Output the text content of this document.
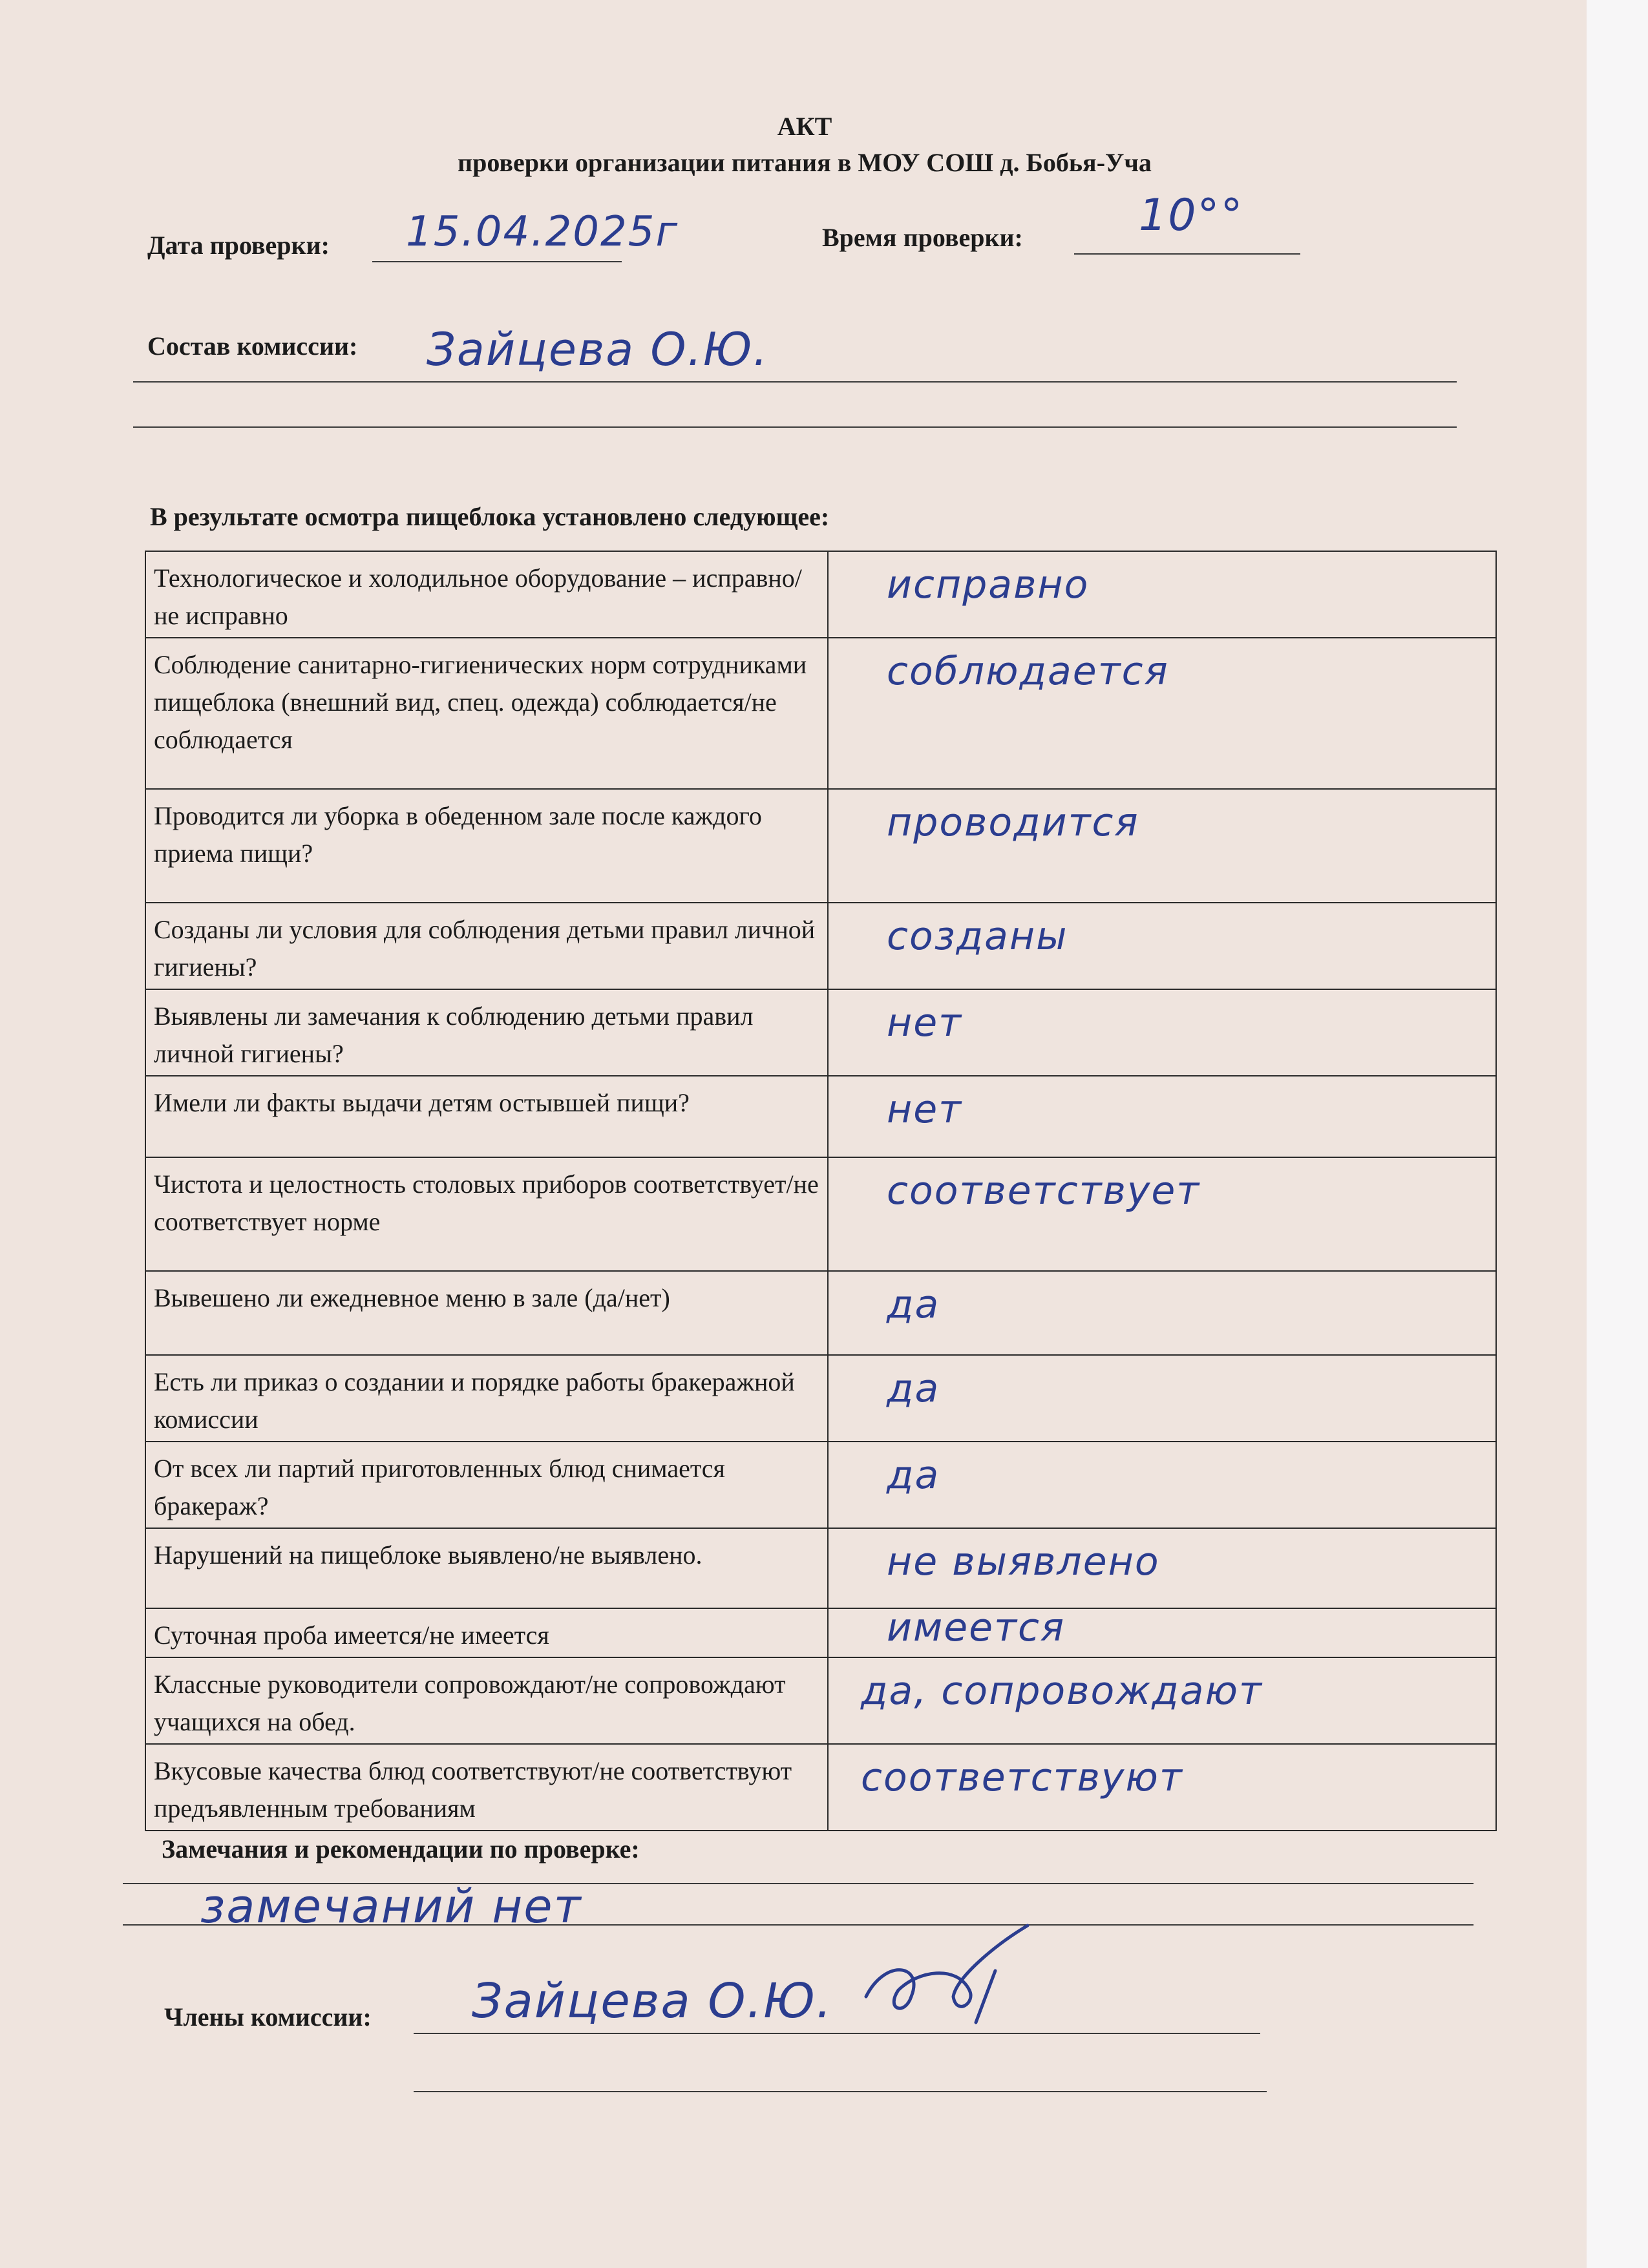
АКТ
проверки организации питания в МОУ СОШ д. Бобья-Уча
Дата проверки: 15.04.2025г	Время проверки:	10°°
Состав комиссии: Зайцева О.Ю.
В результате осмотра пищеблока установлено следующее:
Технологическое и холодильное оборудование – исправно/не исправно	исправно

Соблюдение санитарно-гигиенических норм сотрудниками пищеблока (внешний вид, спец. одежда) соблюдается/не соблюдается	соблюдается

Проводится ли уборка в обеденном зале после каждого приема пищи?	проводится

Созданы ли условия для соблюдения детьми правил личной гигиены?	созданы

Выявлены ли замечания к соблюдению детьми правил личной гигиены?	нет

Имели ли факты выдачи детям остывшей пищи?	нет

Чистота и целостность столовых приборов соответствует/не соответствует норме	соответствует

Вывешено ли ежедневное меню в зале (да/нет)	да

Есть ли приказ о создании и порядке работы бракеражной комиссии	да

От всех ли партий приготовленных блюд снимается бракераж?	да

Нарушений на пищеблоке выявлено/не выявлено.	не выявлено

Суточная проба имеется/не имеется	имеется

Классные руководители сопровождают/не сопровождают учащихся на обед.	да, сопровождают

Вкусовые качества блюд соответствуют/не соответствуют предъявленным требованиям	соответствуют
Замечания и рекомендации по проверке:
замечаний нет
Члены комиссии: Зайцева О.Ю.
